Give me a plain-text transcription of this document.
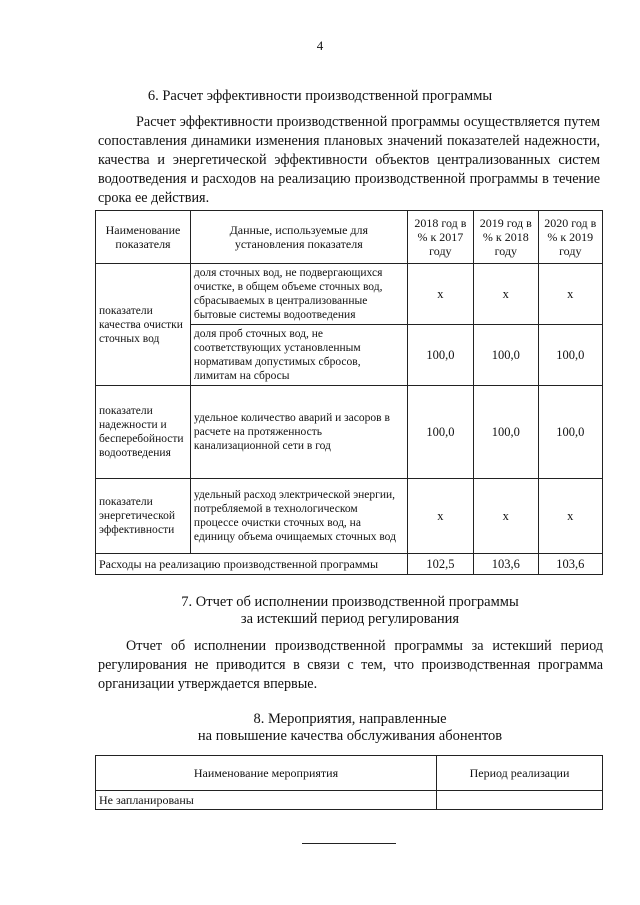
4
6. Расчет эффективности производственной программы
Расчет эффективности производственной программы осуществляется путем сопоставления динамики изменения плановых значений показателей надежности, качества и энергетической эффективности объектов централизованных систем водоотведения и расходов на реализацию производственной программы в течение срока ее действия.
Наименование показателя	Данные, используемые для установления показателя	2018 год в % к 2017 году	2019 год в % к 2018 году	2020 год в % к 2019 году
показатели качества очистки сточных вод	доля сточных вод, не подвергающихся очистке, в общем объеме сточных вод, сбрасываемых в централизованные бытовые системы водоотведения	x	x	x
	доля проб сточных вод, не соответствующих установленным нормативам допустимых сбросов, лимитам на сбросы	100,0	100,0	100,0
показатели надежности и бесперебойности водоотведения	удельное количество аварий и засоров в расчете на протяженность канализационной сети в год	100,0	100,0	100,0
показатели энергетической эффективности	удельный расход электрической энергии, потребляемой в технологическом процессе очистки сточных вод, на единицу объема очищаемых сточных вод	x	x	x
Расходы на реализацию производственной программы		102,5	103,6	103,6
7. Отчет об исполнении производственной программы
за истекший период регулирования
Отчет об исполнении производственной программы за истекший период регулирования не приводится в связи с тем, что производственная программа организации утверждается впервые.
8. Мероприятия, направленные
на повышение качества обслуживания абонентов
Наименование мероприятия	Период реализации
Не запланированы	
